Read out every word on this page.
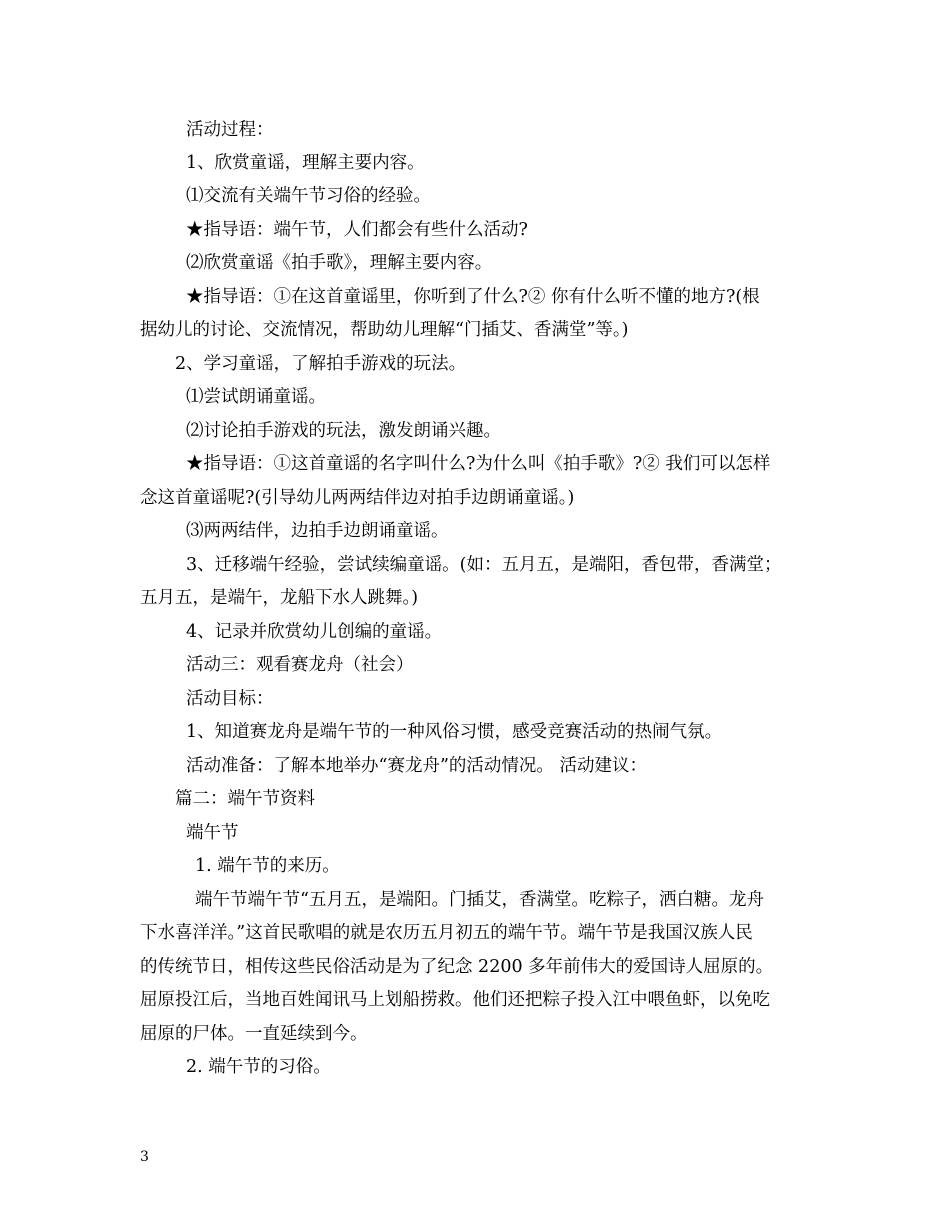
活动过程：
1、欣赏童谣，理解主要内容。
⑴交流有关端午节习俗的经验。
★指导语：端午节，人们都会有些什么活动?
⑵欣赏童谣《拍手歌》，理解主要内容。
★指导语：①在这首童谣里，你听到了什么?② 你有什么听不懂的地方?(根
据幼儿的讨论、交流情况，帮助幼儿理解“门插艾、香满堂”等。)
2、学习童谣，了解拍手游戏的玩法。
⑴尝试朗诵童谣。
⑵讨论拍手游戏的玩法，激发朗诵兴趣。
★指导语：①这首童谣的名字叫什么?为什么叫《拍手歌》?② 我们可以怎样
念这首童谣呢?(引导幼儿两两结伴边对拍手边朗诵童谣。)
⑶两两结伴，边拍手边朗诵童谣。
3、迁移端午经验，尝试续编童谣。(如：五月五，是端阳，香包带，香满堂；
五月五，是端午，龙船下水人跳舞。)
4、记录并欣赏幼儿创编的童谣。
活动三：观看赛龙舟（社会）
活动目标：
1、知道赛龙舟是端午节的一种风俗习惯，感受竞赛活动的热闹气氛。
活动准备：了解本地举办“赛龙舟”的活动情况。 活动建议：
篇二：端午节资料
端午节
1. 端午节的来历。
端午节端午节“五月五，是端阳。门插艾，香满堂。吃粽子，洒白糖。龙舟
下水喜洋洋。”这首民歌唱的就是农历五月初五的端午节。端午节是我国汉族人民
的传统节日，相传这些民俗活动是为了纪念 2200 多年前伟大的爱国诗人屈原的。
屈原投江后，当地百姓闻讯马上划船捞救。他们还把粽子投入江中喂鱼虾，以免吃
屈原的尸体。一直延续到今。
2. 端午节的习俗。
3
